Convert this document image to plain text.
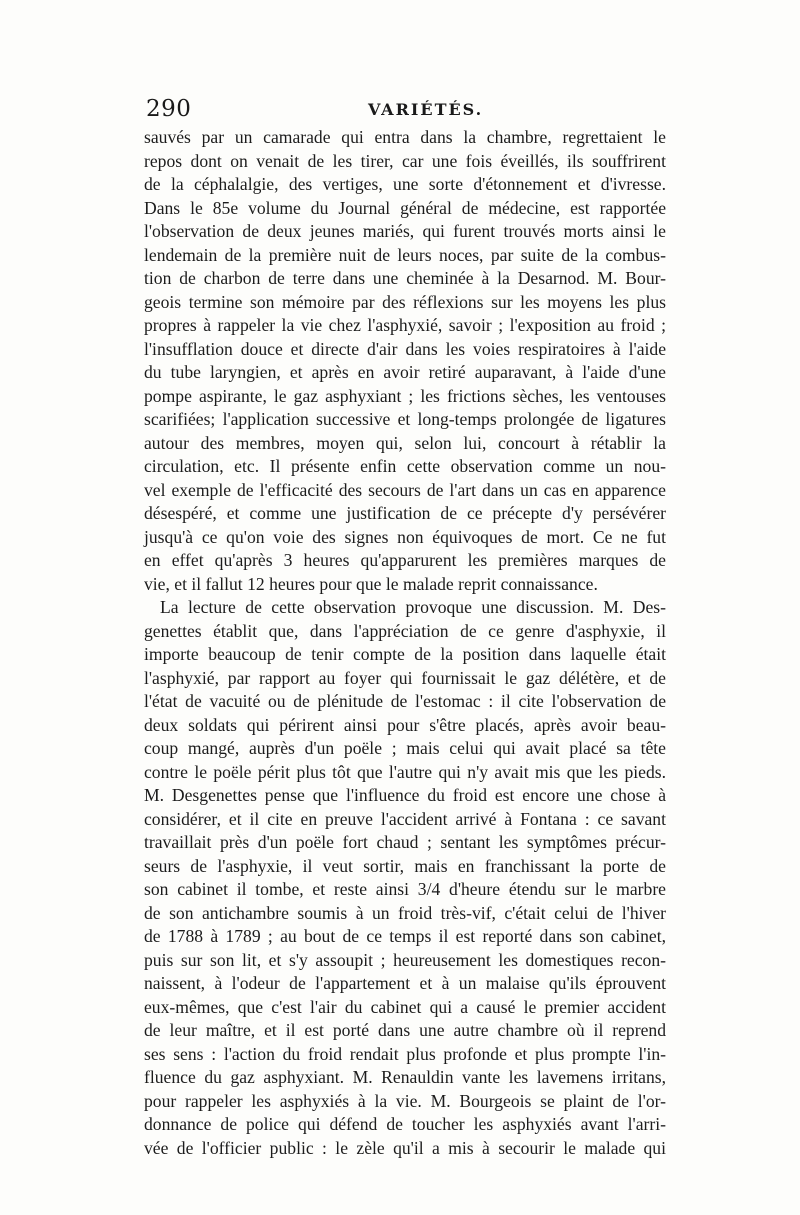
290	VARIÉTÉS.
sauvés par un camarade qui entra dans la chambre, regrettaient le
repos dont on venait de les tirer, car une fois éveillés, ils souffrirent
de la céphalalgie, des vertiges, une sorte d'étonnement et d'ivresse.
Dans le 85e volume du Journal général de médecine, est rapportée
l'observation de deux jeunes mariés, qui furent trouvés morts ainsi le
lendemain de la première nuit de leurs noces, par suite de la combus-
tion de charbon de terre dans une cheminée à la Desarnod. M. Bour-
geois termine son mémoire par des réflexions sur les moyens les plus
propres à rappeler la vie chez l'asphyxié, savoir ; l'exposition au froid ;
l'insufflation douce et directe d'air dans les voies respiratoires à l'aide
du tube laryngien, et après en avoir retiré auparavant, à l'aide d'une
pompe aspirante, le gaz asphyxiant ; les frictions sèches, les ventouses
scarifiées; l'application successive et long-temps prolongée de ligatures
autour des membres, moyen qui, selon lui, concourt à rétablir la
circulation, etc. Il présente enfin cette observation comme un nou-
vel exemple de l'efficacité des secours de l'art dans un cas en apparence
désespéré, et comme une justification de ce précepte d'y persévérer
jusqu'à ce qu'on voie des signes non équivoques de mort. Ce ne fut
en effet qu'après 3 heures qu'apparurent les premières marques de
vie, et il fallut 12 heures pour que le malade reprit connaissance.
La lecture de cette observation provoque une discussion. M. Des-
genettes établit que, dans l'appréciation de ce genre d'asphyxie, il
importe beaucoup de tenir compte de la position dans laquelle était
l'asphyxié, par rapport au foyer qui fournissait le gaz délétère, et de
l'état de vacuité ou de plénitude de l'estomac : il cite l'observation de
deux soldats qui périrent ainsi pour s'être placés, après avoir beau-
coup mangé, auprès d'un poële ; mais celui qui avait placé sa tête
contre le poële périt plus tôt que l'autre qui n'y avait mis que les pieds.
M. Desgenettes pense que l'influence du froid est encore une chose à
considérer, et il cite en preuve l'accident arrivé à Fontana : ce savant
travaillait près d'un poële fort chaud ; sentant les symptômes précur-
seurs de l'asphyxie, il veut sortir, mais en franchissant la porte de
son cabinet il tombe, et reste ainsi 3/4 d'heure étendu sur le marbre
de son antichambre soumis à un froid très-vif, c'était celui de l'hiver
de 1788 à 1789 ; au bout de ce temps il est reporté dans son cabinet,
puis sur son lit, et s'y assoupit ; heureusement les domestiques recon-
naissent, à l'odeur de l'appartement et à un malaise qu'ils éprouvent
eux-mêmes, que c'est l'air du cabinet qui a causé le premier accident
de leur maître, et il est porté dans une autre chambre où il reprend
ses sens : l'action du froid rendait plus profonde et plus prompte l'in-
fluence du gaz asphyxiant. M. Renauldin vante les lavemens irritans,
pour rappeler les asphyxiés à la vie. M. Bourgeois se plaint de l'or-
donnance de police qui défend de toucher les asphyxiés avant l'arri-
vée de l'officier public : le zèle qu'il a mis à secourir le malade qui
